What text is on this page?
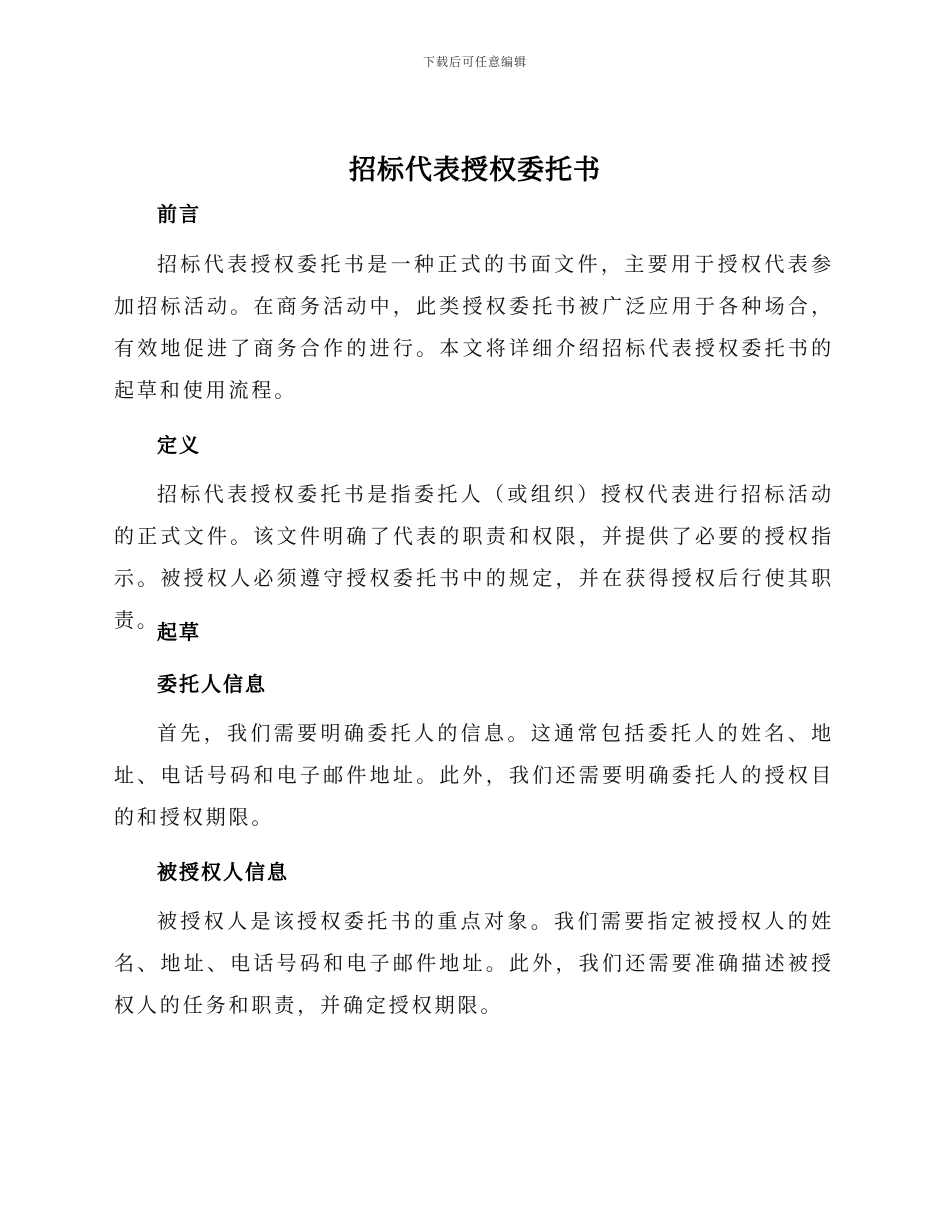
下载后可任意编辑
招标代表授权委托书
前言
招标代表授权委托书是一种正式的书面文件，主要用于授权代表参加招标活动。在商务活动中，此类授权委托书被广泛应用于各种场合，有效地促进了商务合作的进行。本文将详细介绍招标代表授权委托书的起草和使用流程。
定义
招标代表授权委托书是指委托人（或组织）授权代表进行招标活动的正式文件。该文件明确了代表的职责和权限，并提供了必要的授权指示。被授权人必须遵守授权委托书中的规定，并在获得授权后行使其职责。
起草
委托人信息
首先，我们需要明确委托人的信息。这通常包括委托人的姓名、地址、电话号码和电子邮件地址。此外，我们还需要明确委托人的授权目的和授权期限。
被授权人信息
被授权人是该授权委托书的重点对象。我们需要指定被授权人的姓名、地址、电话号码和电子邮件地址。此外，我们还需要准确描述被授权人的任务和职责，并确定授权期限。
